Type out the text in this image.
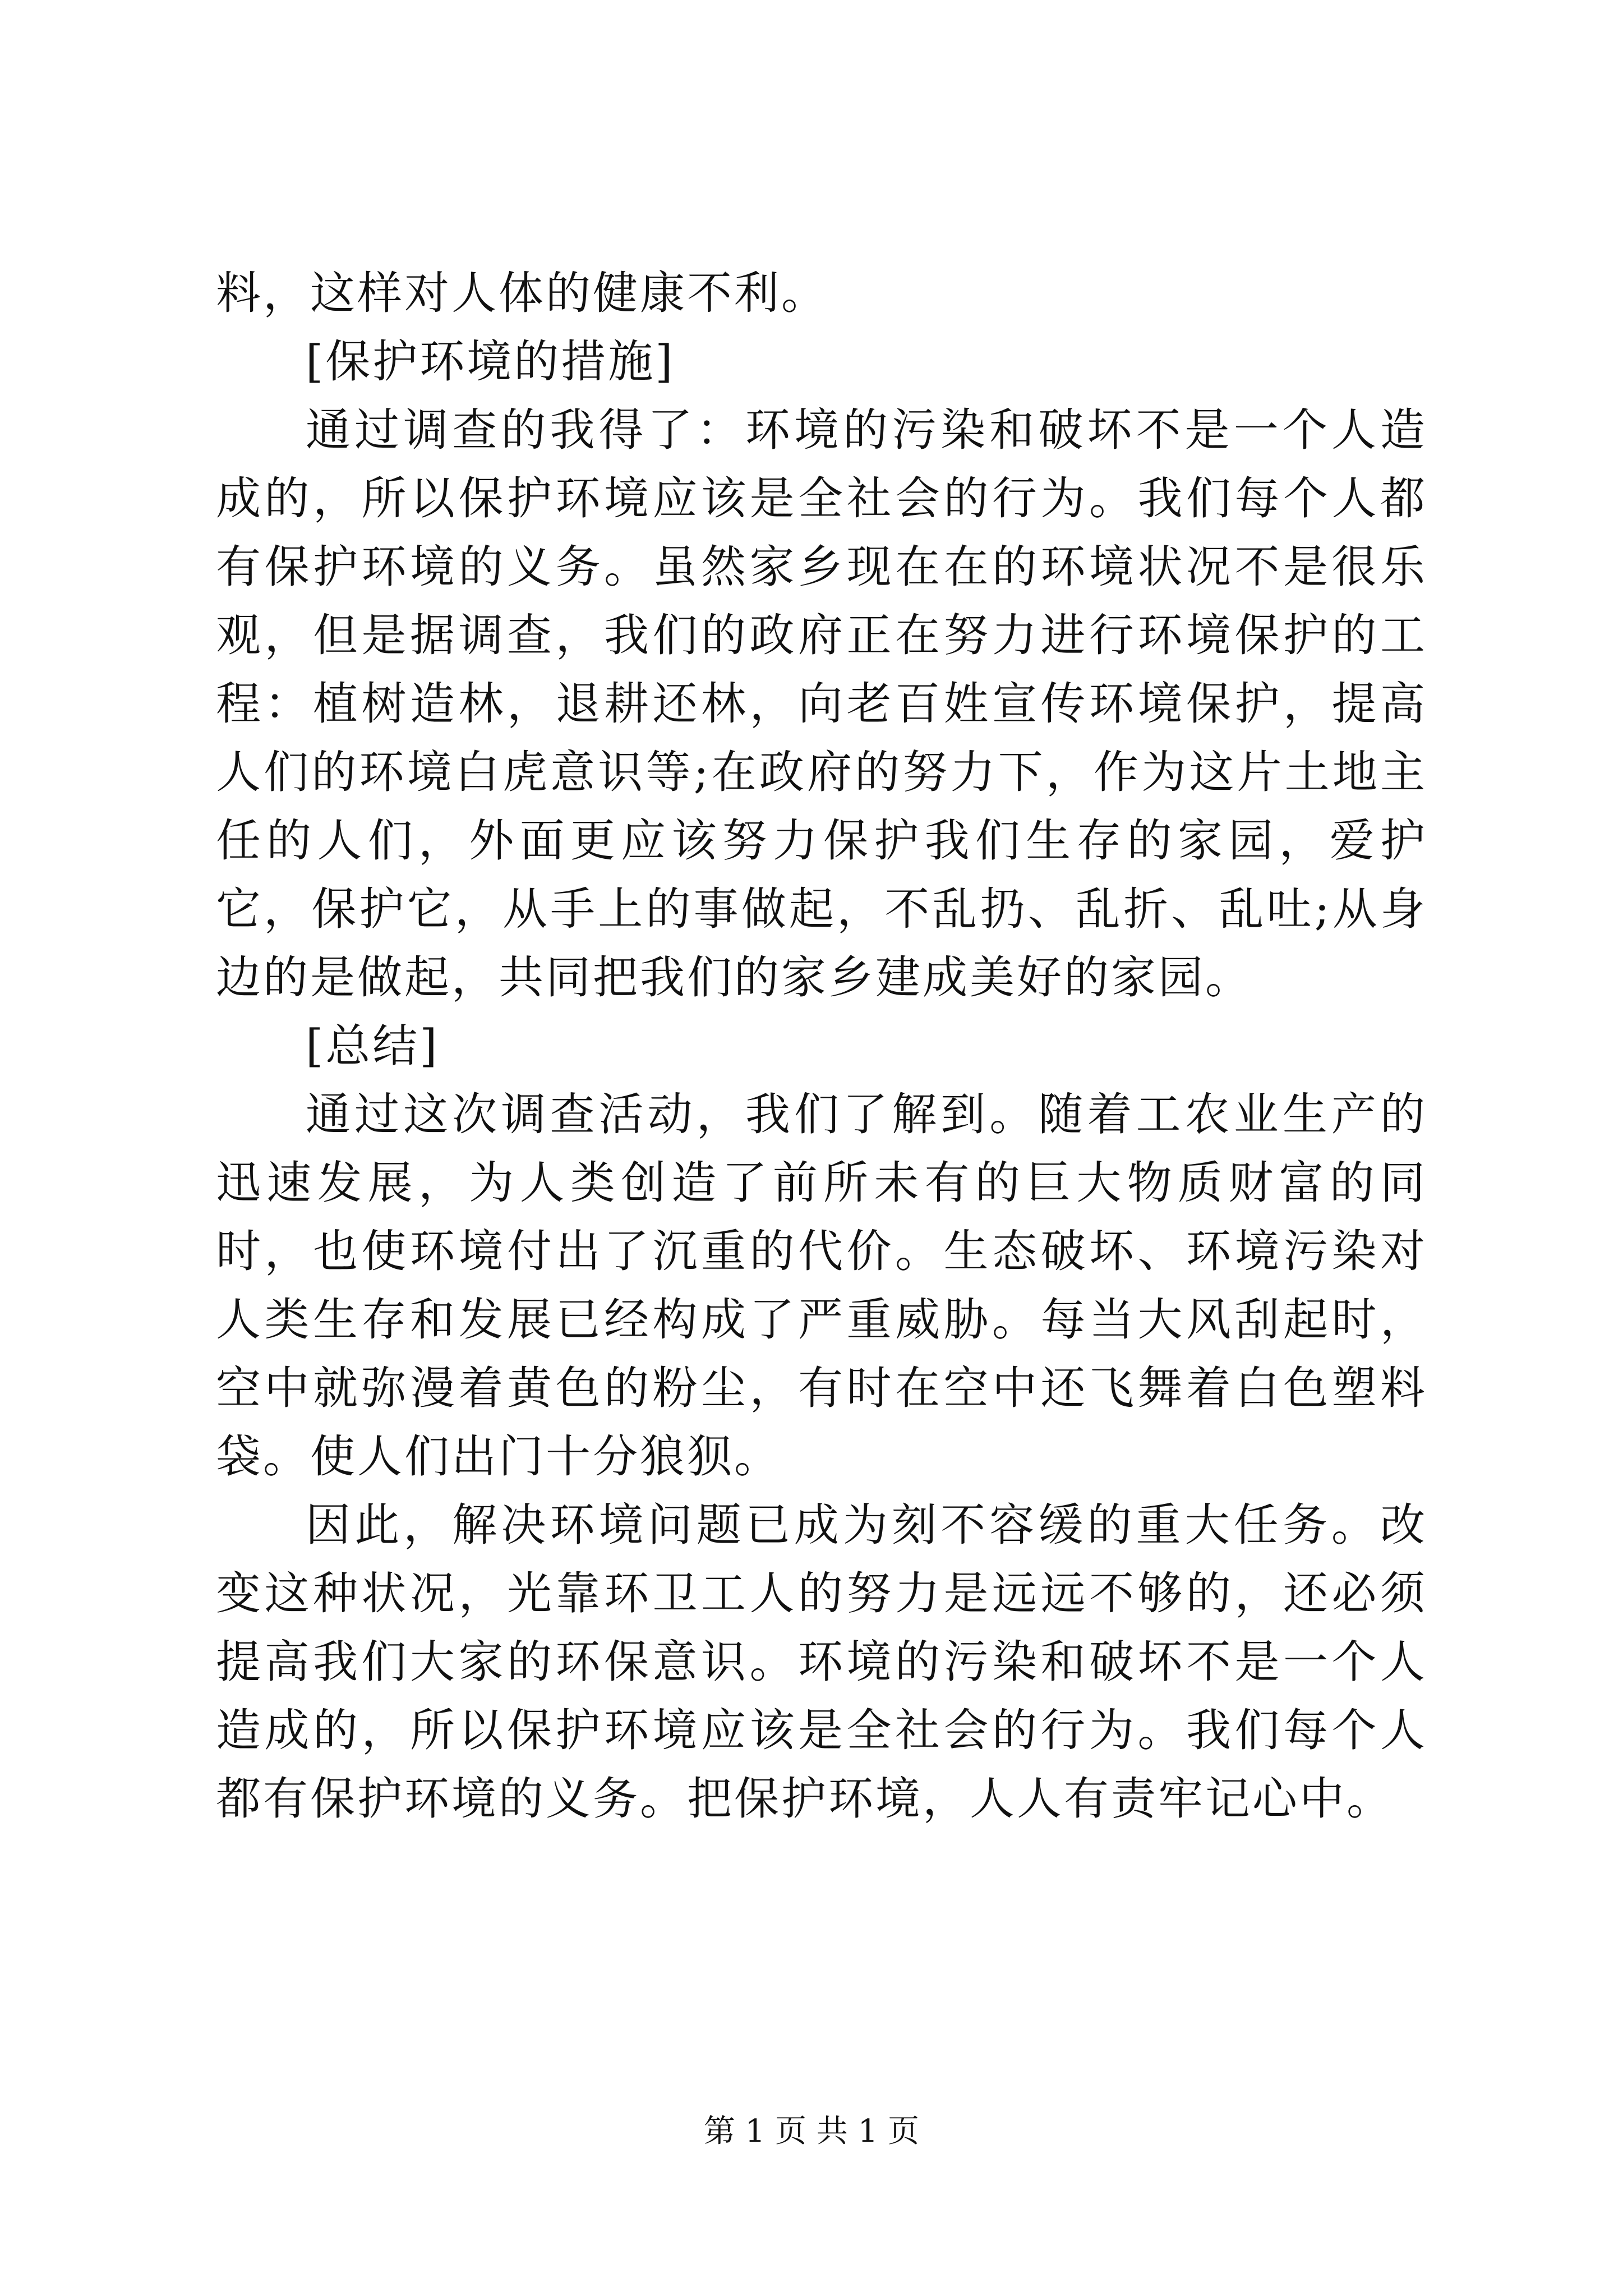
料，这样对人体的健康不利。

[保护环境的措施]

通过调查的我得了：环境的污染和破坏不是一个人造成的，所以保护环境应该是全社会的行为。我们每个人都有保护环境的义务。虽然家乡现在在的环境状况不是很乐观，但是据调查，我们的政府正在努力进行环境保护的工程：植树造林，退耕还林，向老百姓宣传环境保护，提高人们的环境白虎意识等;在政府的努力下，作为这片土地主任的人们，外面更应该努力保护我们生存的家园，爱护它，保护它，从手上的事做起，不乱扔、乱折、乱吐;从身边的是做起，共同把我们的家乡建成美好的家园。

[总结]

通过这次调查活动，我们了解到。随着工农业生产的迅速发展，为人类创造了前所未有的巨大物质财富的同时，也使环境付出了沉重的代价。生态破坏、环境污染对人类生存和发展已经构成了严重威胁。每当大风刮起时，空中就弥漫着黄色的粉尘，有时在空中还飞舞着白色塑料袋。使人们出门十分狼狈。

因此，解决环境问题已成为刻不容缓的重大任务。改变这种状况，光靠环卫工人的努力是远远不够的，还必须提高我们大家的环保意识。环境的污染和破坏不是一个人造成的，所以保护环境应该是全社会的行为。我们每个人都有保护环境的义务。把保护环境，人人有责牢记心中。

第 1 页 共 1 页
